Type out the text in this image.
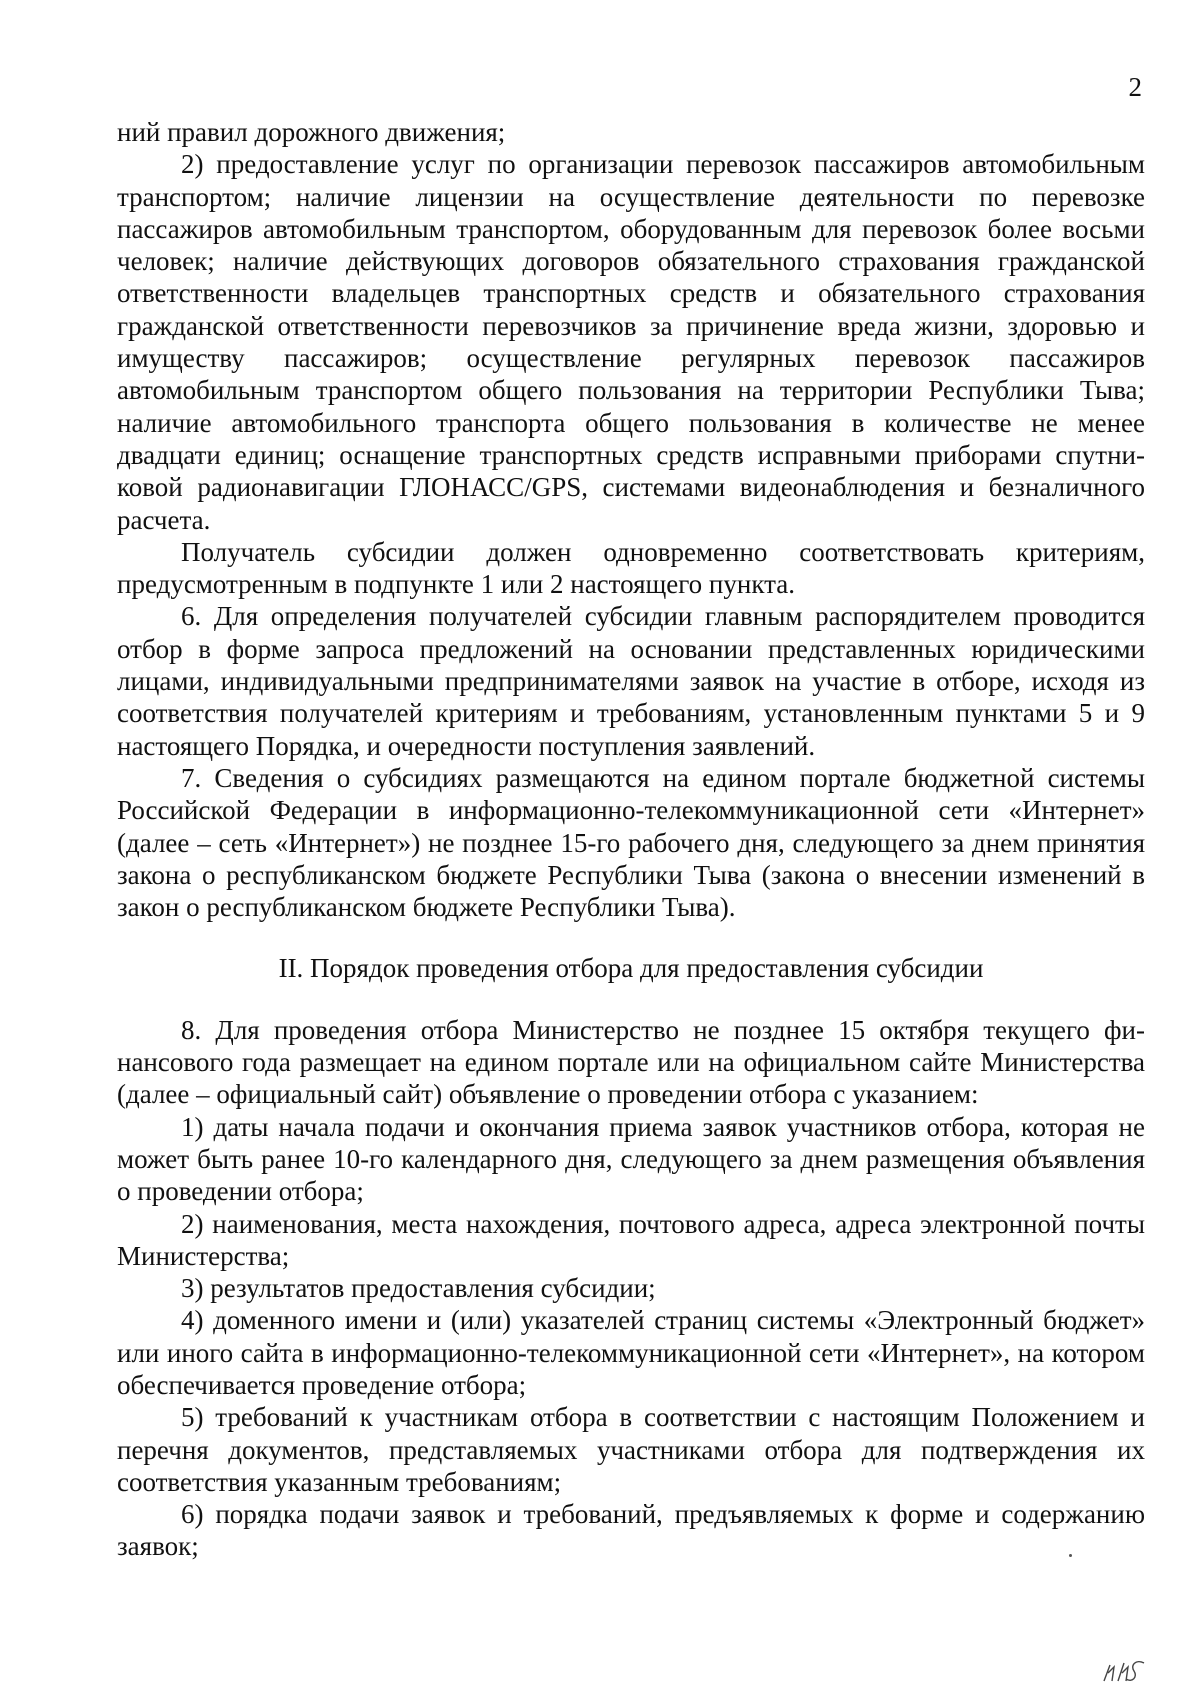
2

ний правил дорожного движения;

2) предоставление услуг по организации перевозок пассажиров автомобильным транспортом; наличие лицензии на осуществление деятельности по перевозке пассажиров автомобильным транспортом, оборудованным для перевозок более восьми человек; наличие действующих договоров обязательного страхования гражданской ответственности владельцев транспортных средств и обязательного страхования гражданской ответственности перевозчиков за причинение вреда жизни, здоровью и имуществу пассажиров; осуществление регулярных перевозок пассажиров автомобильным транспортом общего пользования на территории Республики Тыва; наличие автомобильного транспорта общего пользования в количестве не менее двадцати единиц; оснащение транспортных средств исправными приборами спутниковой радионавигации ГЛОНАСС/GPS, системами видеонаблюдения и безналичного расчета.

Получатель субсидии должен одновременно соответствовать критериям, предусмотренным в подпункте 1 или 2 настоящего пункта.

6. Для определения получателей субсидии главным распорядителем проводится отбор в форме запроса предложений на основании представленных юридическими лицами, индивидуальными предпринимателями заявок на участие в отборе, исходя из соответствия получателей критериям и требованиям, установленным пунктами 5 и 9 настоящего Порядка, и очередности поступления заявлений.

7. Сведения о субсидиях размещаются на едином портале бюджетной системы Российской Федерации в информационно-телекоммуникационной сети «Интернет» (далее – сеть «Интернет») не позднее 15-го рабочего дня, следующего за днем принятия закона о республиканском бюджете Республики Тыва (закона о внесении изменений в закон о республиканском бюджете Республики Тыва).

II. Порядок проведения отбора для предоставления субсидии

8. Для проведения отбора Министерство не позднее 15 октября текущего финансового года размещает на едином портале или на официальном сайте Министерства (далее – официальный сайт) объявление о проведении отбора с указанием:

1) даты начала подачи и окончания приема заявок участников отбора, которая не может быть ранее 10-го календарного дня, следующего за днем размещения объявления о проведении отбора;

2) наименования, места нахождения, почтового адреса, адреса электронной почты Министерства;

3) результатов предоставления субсидии;

4) доменного имени и (или) указателей страниц системы «Электронный бюджет» или иного сайта в информационно-телекоммуникационной сети «Интернет», на котором обеспечивается проведение отбора;

5) требований к участникам отбора в соответствии с настоящим Положением и перечня документов, представляемых участниками отбора для подтверждения их соответствия указанным требованиям;

6) порядка подачи заявок и требований, предъявляемых к форме и содержанию заявок;
